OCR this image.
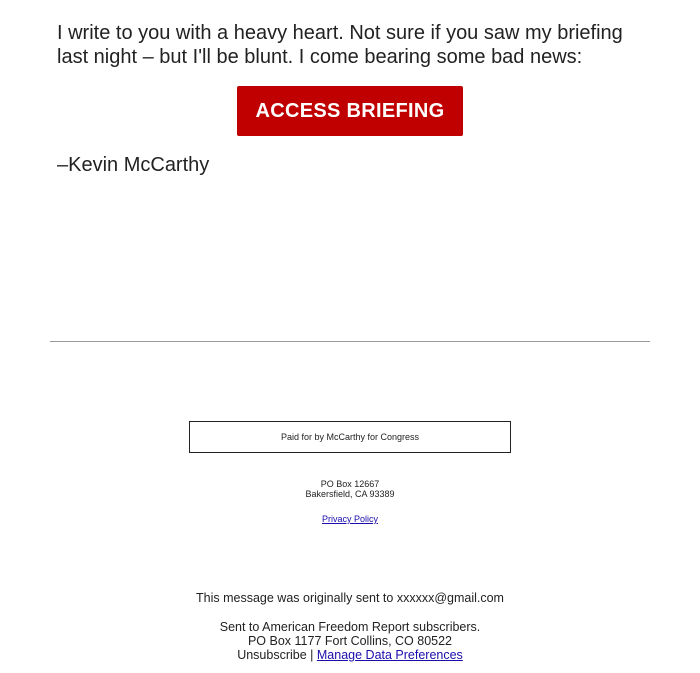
I write to you with a heavy heart. Not sure if you saw my briefing last night – but I'll be blunt. I come bearing some bad news:

ACCESS BRIEFING

–Kevin McCarthy

Paid for by McCarthy for Congress
PO Box 12667
Bakersfield, CA 93389
Privacy Policy
This message was originally sent to xxxxxx@gmail.com
Sent to American Freedom Report subscribers.
PO Box 1177 Fort Collins, CO 80522
Unsubscribe | Manage Data Preferences
